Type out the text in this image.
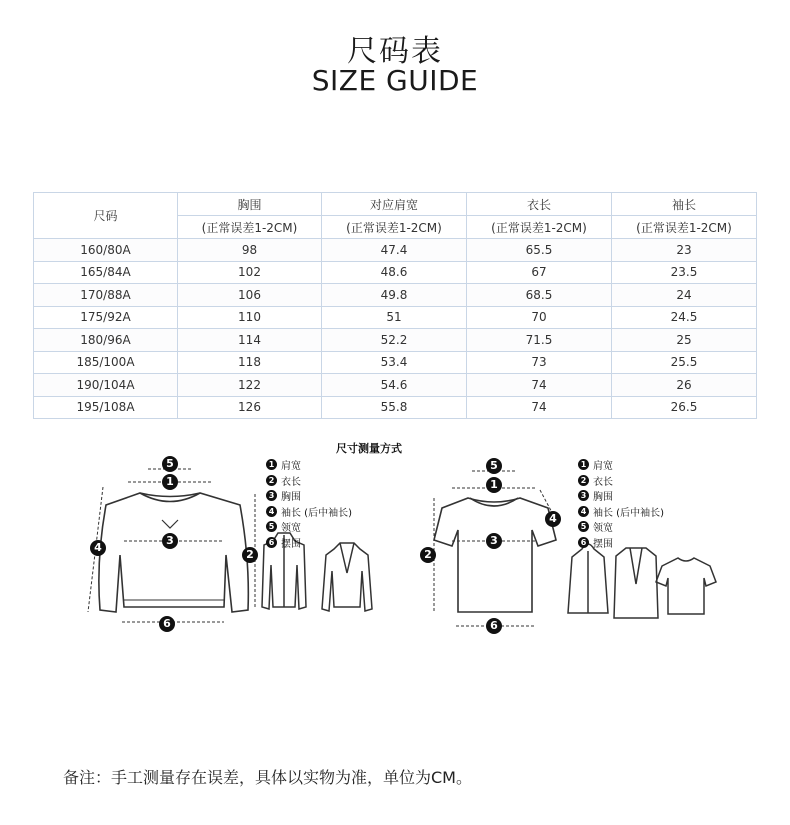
尺码表
SIZE GUIDE
尺码	胸围	对应肩宽	衣长	袖长
	(正常误差1-2CM)	(正常误差1-2CM)	(正常误差1-2CM)	(正常误差1-2CM)
160/80A	98	47.4	65.5	23
165/84A	102	48.6	67	23.5
170/88A	106	49.8	68.5	24
175/92A	110	51	70	24.5
180/96A	114	52.2	71.5	25
185/100A	118	53.4	73	25.5
190/104A	122	54.6	74	26
195/108A	126	55.8	74	26.5
尺寸测量方式
5
1
3
4
2
6
5
1
3
4
2
6
1 肩宽
2 衣长
3 胸围
4 袖长 (后中袖长)
5 领宽
6 摆围
1 肩宽
2 衣长
3 胸围
4 袖长 (后中袖长)
5 领宽
6 摆围
备注：手工测量存在误差，具体以实物为准，单位为CM。
